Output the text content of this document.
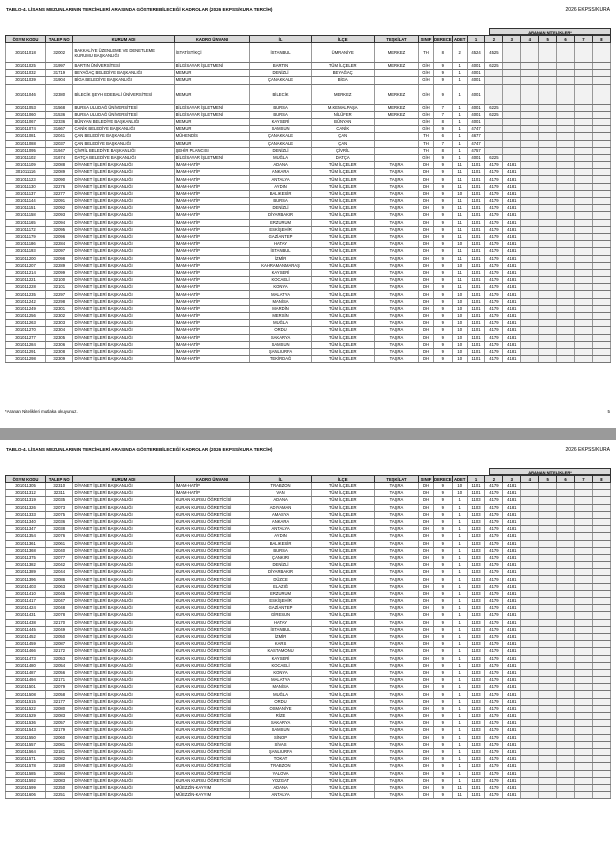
TABLO-4. LİSANS MEZUNLARININ TERCİHLERİ ARASINDA GÖSTEREBİLECEĞİ KADROLAR (2026 EKPSS/KURA TERCİH)	2026 EKPSS/KURA
ARANAN NİTELİKLER*
ÖSYM KODU	TALEP NO	KURUM ADI	KADRO ÜNVANI	İL	İLÇE	TEŞKİLAT	SINIF	DERECE	ADET	1	2	3	4	5	6	7	8
301011018	32002	BAKKALİYE ÜZENLEME VE DENETLEME KURUMU BAŞKANLIĞI	İSTATİSTİKÇİ	İSTANBUL	ÜMRANİYE	MERKEZ	TH	8	2	4524	4525						
301011025	31997	BARTIN ÜNİVERSİTESİ	BİLGİSAYAR İŞLETMENİ	BARTIN	TÜM İLÇELER	MERKEZ	GİH	9	1	4001	6225						
301011032	31719	BEYAĞAÇ BELEDİYE BAŞKANLIĞI	MEMUR	DENİZLİ	BEYAĞAÇ		GİH	9	1	4001							
301011039	31904	BİGA BELEDİYE BAŞKANLIĞI	MEMUR	ÇANAKKALE	BİGA		GİH	9	1	4001							
301011046	32380	BİLECİK ŞEYH EDEBALİ ÜNİVERSİTESİ	MEMUR	BİLECİK	MERKEZ	MERKEZ	GİH	9	1	4001							
301011053	31568	BURSA ULUDAĞ ÜNİVERSİTESİ	BİLGİSAYAR İŞLETMENİ	BURSA	M.KEMALPAŞA	MERKEZ	GİH	7	1	4001	6225						
301011060	31536	BURSA ULUDAĞ ÜNİVERSİTESİ	BİLGİSAYAR İŞLETMENİ	BURSA	NİLÜFER	MERKEZ	GİH	7	1	4001	6225						
301011067	32336	BÜNYAN BELEDİYE BAŞKANLIĞI	MEMUR	KAYSERİ	BÜNYAN		GİH	8	1	4001							
301011074	31667	CANİK BELEDİYE BAŞKANLIĞI	MEMUR	SAMSUN	CANİK		GİH	9	1	4747							
301011081	32041	ÇAN BELEDİYE BAŞKANLIĞI	MÜHENDİS	ÇANAKKALE	ÇAN		TH	6	1	4677							
301011088	32037	ÇAN BELEDİYE BAŞKANLIĞI	MEMUR	ÇANAKKALE	ÇAN		TH	7	1	4747							
301011095	31947	ÇİVRİL BELEDİYE BAŞKANLIĞI	ŞEHİR PLANCISI	DENİZLİ	ÇİVRİL		TH	8	1	4757							
301011102	31674	DATÇA BELEDİYE BAŞKANLIĞI	BİLGİSAYAR İŞLETMENİ	MUĞLA	DATÇA		GİH	9	1	4001	6225						
301011109	32088	DİYANET İŞLERİ BAŞKANLIĞI	İMAM-HATİP	ADANA	TÜM İLÇELER	TAŞRA	DH	9	11	1101	4179	4181					
301011116	32089	DİYANET İŞLERİ BAŞKANLIĞI	İMAM-HATİP	ANKARA	TÜM İLÇELER	TAŞRA	DH	9	11	1101	4179	4181					
301011123	32090	DİYANET İŞLERİ BAŞKANLIĞI	İMAM-HATİP	ANTALYA	TÜM İLÇELER	TAŞRA	DH	9	11	1101	4179	4181					
301011130	32276	DİYANET İŞLERİ BAŞKANLIĞI	İMAM-HATİP	AYDIN	TÜM İLÇELER	TAŞRA	DH	9	11	1101	4179	4181					
301011137	32277	DİYANET İŞLERİ BAŞKANLIĞI	İMAM-HATİP	BALIKESİR	TÜM İLÇELER	TAŞRA	DH	9	10	1101	4179	4181					
301011144	32091	DİYANET İŞLERİ BAŞKANLIĞI	İMAM-HATİP	BURSA	TÜM İLÇELER	TAŞRA	DH	9	11	1101	4179	4181					
301011151	32092	DİYANET İŞLERİ BAŞKANLIĞI	İMAM-HATİP	DENİZLİ	TÜM İLÇELER	TAŞRA	DH	9	11	1101	4179	4181					
301011158	32093	DİYANET İŞLERİ BAŞKANLIĞI	İMAM-HATİP	DİYARBAKIR	TÜM İLÇELER	TAŞRA	DH	9	11	1101	4179	4181					
301011165	32094	DİYANET İŞLERİ BAŞKANLIĞI	İMAM-HATİP	ERZURUM	TÜM İLÇELER	TAŞRA	DH	9	11	1101	4179	4181					
301011172	32095	DİYANET İŞLERİ BAŞKANLIĞI	İMAM-HATİP	ESKİŞEHİR	TÜM İLÇELER	TAŞRA	DH	9	11	1101	4179	4181					
301011179	32096	DİYANET İŞLERİ BAŞKANLIĞI	İMAM-HATİP	GAZİANTEP	TÜM İLÇELER	TAŞRA	DH	9	11	1101	4179	4181					
301011186	32284	DİYANET İŞLERİ BAŞKANLIĞI	İMAM-HATİP	HATAY	TÜM İLÇELER	TAŞRA	DH	9	10	1101	4179	4181					
301011193	32097	DİYANET İŞLERİ BAŞKANLIĞI	İMAM-HATİP	İSTANBUL	TÜM İLÇELER	TAŞRA	DH	9	11	1101	4179	4181					
301011200	32098	DİYANET İŞLERİ BAŞKANLIĞI	İMAM-HATİP	İZMİR	TÜM İLÇELER	TAŞRA	DH	9	11	1101	4179	4181					
301011207	32289	DİYANET İŞLERİ BAŞKANLIĞI	İMAM-HATİP	KAHRAMANMARAŞ	TÜM İLÇELER	TAŞRA	DH	9	10	1101	4179	4181					
301011214	32099	DİYANET İŞLERİ BAŞKANLIĞI	İMAM-HATİP	KAYSERİ	TÜM İLÇELER	TAŞRA	DH	9	11	1101	4179	4181					
301011221	32100	DİYANET İŞLERİ BAŞKANLIĞI	İMAM-HATİP	KOCAELİ	TÜM İLÇELER	TAŞRA	DH	9	11	1101	4179	4181					
301011228	32101	DİYANET İŞLERİ BAŞKANLIĞI	İMAM-HATİP	KONYA	TÜM İLÇELER	TAŞRA	DH	9	11	1101	4179	4181					
301011235	32297	DİYANET İŞLERİ BAŞKANLIĞI	İMAM-HATİP	MALATYA	TÜM İLÇELER	TAŞRA	DH	9	10	1101	4179	4181					
301011242	32298	DİYANET İŞLERİ BAŞKANLIĞI	İMAM-HATİP	MANİSA	TÜM İLÇELER	TAŞRA	DH	9	10	1101	4179	4181					
301011249	32301	DİYANET İŞLERİ BAŞKANLIĞI	İMAM-HATİP	MARDİN	TÜM İLÇELER	TAŞRA	DH	9	10	1101	4179	4181					
301011256	32302	DİYANET İŞLERİ BAŞKANLIĞI	İMAM-HATİP	MERSİN	TÜM İLÇELER	TAŞRA	DH	9	10	1101	4179	4181					
301011263	32303	DİYANET İŞLERİ BAŞKANLIĞI	İMAM-HATİP	MUĞLA	TÜM İLÇELER	TAŞRA	DH	9	10	1101	4179	4181					
301011270	32304	DİYANET İŞLERİ BAŞKANLIĞI	İMAM-HATİP	ORDU	TÜM İLÇELER	TAŞRA	DH	9	10	1101	4179	4181					
301011277	32305	DİYANET İŞLERİ BAŞKANLIĞI	İMAM-HATİP	SAKARYA	TÜM İLÇELER	TAŞRA	DH	9	10	1101	4179	4181					
301011284	32306	DİYANET İŞLERİ BAŞKANLIĞI	İMAM-HATİP	SAMSUN	TÜM İLÇELER	TAŞRA	DH	9	10	1101	4179	4181					
301011291	32308	DİYANET İŞLERİ BAŞKANLIĞI	İMAM-HATİP	ŞANLIURFA	TÜM İLÇELER	TAŞRA	DH	9	10	1101	4179	4181					
301011298	32309	DİYANET İŞLERİ BAŞKANLIĞI	İMAM-HATİP	TEKİRDAĞ	TÜM İLÇELER	TAŞRA	DH	9	10	1101	4179	4181					
*Aranan Nitelikleri mutlaka okuyunuz.	5
TABLO-4. LİSANS MEZUNLARININ TERCİHLERİ ARASINDA GÖSTEREBİLECEĞİ KADROLAR (2026 EKPSS/KURA TERCİH)	2026 EKPSS/KURA
ARANAN NİTELİKLER*
ÖSYM KODU	TALEP NO	KURUM ADI	KADRO ÜNVANI	İL	İLÇE	TEŞKİLAT	SINIF	DERECE	ADET	1	2	3	4	5	6	7	8
301011305	32310	DİYANET İŞLERİ BAŞKANLIĞI	İMAM-HATİP	TRABZON	TÜM İLÇELER	TAŞRA	DH	9	10	1101	4179	4181					
301011312	32311	DİYANET İŞLERİ BAŞKANLIĞI	İMAM-HATİP	VAN	TÜM İLÇELER	TAŞRA	DH	9	10	1101	4179	4181					
301011319	32035	DİYANET İŞLERİ BAŞKANLIĞI	KURAN KURSU ÖĞRETİCİSİ	ADANA	TÜM İLÇELER	TAŞRA	DH	9	1	1103	4179	4181					
301011326	32073	DİYANET İŞLERİ BAŞKANLIĞI	KURAN KURSU ÖĞRETİCİSİ	ADIYAMAN	TÜM İLÇELER	TAŞRA	DH	9	1	1103	4179	4181					
301011333	32075	DİYANET İŞLERİ BAŞKANLIĞI	KURAN KURSU ÖĞRETİCİSİ	AMASYA	TÜM İLÇELER	TAŞRA	DH	9	1	1103	4179	4181					
301011340	32036	DİYANET İŞLERİ BAŞKANLIĞI	KURAN KURSU ÖĞRETİCİSİ	ANKARA	TÜM İLÇELER	TAŞRA	DH	9	1	1103	4179	4181					
301011347	32038	DİYANET İŞLERİ BAŞKANLIĞI	KURAN KURSU ÖĞRETİCİSİ	ANTALYA	TÜM İLÇELER	TAŞRA	DH	9	1	1103	4179	4181					
301011354	32076	DİYANET İŞLERİ BAŞKANLIĞI	KURAN KURSU ÖĞRETİCİSİ	AYDIN	TÜM İLÇELER	TAŞRA	DH	9	1	1103	4179	4181					
301011361	32061	DİYANET İŞLERİ BAŞKANLIĞI	KURAN KURSU ÖĞRETİCİSİ	BALIKESİR	TÜM İLÇELER	TAŞRA	DH	9	1	1103	4179	4181					
301011368	32040	DİYANET İŞLERİ BAŞKANLIĞI	KURAN KURSU ÖĞRETİCİSİ	BURSA	TÜM İLÇELER	TAŞRA	DH	9	1	1103	4179	4181					
301011375	32077	DİYANET İŞLERİ BAŞKANLIĞI	KURAN KURSU ÖĞRETİCİSİ	ÇANKIRI	TÜM İLÇELER	TAŞRA	DH	9	1	1103	4179	4181					
301011382	32042	DİYANET İŞLERİ BAŞKANLIĞI	KURAN KURSU ÖĞRETİCİSİ	DENİZLİ	TÜM İLÇELER	TAŞRA	DH	9	1	1103	4179	4181					
301011389	32044	DİYANET İŞLERİ BAŞKANLIĞI	KURAN KURSU ÖĞRETİCİSİ	DİYARBAKIR	TÜM İLÇELER	TAŞRA	DH	9	1	1103	4179	4181					
301011396	32086	DİYANET İŞLERİ BAŞKANLIĞI	KURAN KURSU ÖĞRETİCİSİ	DÜZCE	TÜM İLÇELER	TAŞRA	DH	9	1	1103	4179	4181					
301011403	32063	DİYANET İŞLERİ BAŞKANLIĞI	KURAN KURSU ÖĞRETİCİSİ	ELAZIĞ	TÜM İLÇELER	TAŞRA	DH	9	1	1103	4179	4181					
301011410	32045	DİYANET İŞLERİ BAŞKANLIĞI	KURAN KURSU ÖĞRETİCİSİ	ERZURUM	TÜM İLÇELER	TAŞRA	DH	9	1	1103	4179	4181					
301011417	32047	DİYANET İŞLERİ BAŞKANLIĞI	KURAN KURSU ÖĞRETİCİSİ	ESKİŞEHİR	TÜM İLÇELER	TAŞRA	DH	9	1	1103	4179	4181					
301011424	32048	DİYANET İŞLERİ BAŞKANLIĞI	KURAN KURSU ÖĞRETİCİSİ	GAZİANTEP	TÜM İLÇELER	TAŞRA	DH	9	1	1103	4179	4181					
301011431	32078	DİYANET İŞLERİ BAŞKANLIĞI	KURAN KURSU ÖĞRETİCİSİ	GİRESUN	TÜM İLÇELER	TAŞRA	DH	9	1	1103	4179	4181					
301011438	32170	DİYANET İŞLERİ BAŞKANLIĞI	KURAN KURSU ÖĞRETİCİSİ	HATAY	TÜM İLÇELER	TAŞRA	DH	9	1	1103	4179	4181					
301011445	32049	DİYANET İŞLERİ BAŞKANLIĞI	KURAN KURSU ÖĞRETİCİSİ	İSTANBUL	TÜM İLÇELER	TAŞRA	DH	9	1	1103	4179	4181					
301011452	32050	DİYANET İŞLERİ BAŞKANLIĞI	KURAN KURSU ÖĞRETİCİSİ	İZMİR	TÜM İLÇELER	TAŞRA	DH	9	1	1103	4179	4181					
301011459	32087	DİYANET İŞLERİ BAŞKANLIĞI	KURAN KURSU ÖĞRETİCİSİ	KARS	TÜM İLÇELER	TAŞRA	DH	9	1	1103	4179	4181					
301011466	32172	DİYANET İŞLERİ BAŞKANLIĞI	KURAN KURSU ÖĞRETİCİSİ	KASTAMONU	TÜM İLÇELER	TAŞRA	DH	9	1	1103	4179	4181					
301011473	32053	DİYANET İŞLERİ BAŞKANLIĞI	KURAN KURSU ÖĞRETİCİSİ	KAYSERİ	TÜM İLÇELER	TAŞRA	DH	9	1	1103	4179	4181					
301011480	32054	DİYANET İŞLERİ BAŞKANLIĞI	KURAN KURSU ÖĞRETİCİSİ	KOCAELİ	TÜM İLÇELER	TAŞRA	DH	9	1	1103	4179	4181					
301011487	32056	DİYANET İŞLERİ BAŞKANLIĞI	KURAN KURSU ÖĞRETİCİSİ	KONYA	TÜM İLÇELER	TAŞRA	DH	9	1	1103	4179	4181					
301011494	32171	DİYANET İŞLERİ BAŞKANLIĞI	KURAN KURSU ÖĞRETİCİSİ	MALATYA	TÜM İLÇELER	TAŞRA	DH	9	1	1103	4179	4181					
301011501	32079	DİYANET İŞLERİ BAŞKANLIĞI	KURAN KURSU ÖĞRETİCİSİ	MANİSA	TÜM İLÇELER	TAŞRA	DH	9	1	1103	4179	4181					
301011508	32058	DİYANET İŞLERİ BAŞKANLIĞI	KURAN KURSU ÖĞRETİCİSİ	MUĞLA	TÜM İLÇELER	TAŞRA	DH	9	1	1103	4179	4181					
301011515	32177	DİYANET İŞLERİ BAŞKANLIĞI	KURAN KURSU ÖĞRETİCİSİ	ORDU	TÜM İLÇELER	TAŞRA	DH	9	1	1103	4179	4181					
301011522	32080	DİYANET İŞLERİ BAŞKANLIĞI	KURAN KURSU ÖĞRETİCİSİ	OSMANİYE	TÜM İLÇELER	TAŞRA	DH	9	1	1103	4179	4181					
301011529	32083	DİYANET İŞLERİ BAŞKANLIĞI	KURAN KURSU ÖĞRETİCİSİ	RİZE	TÜM İLÇELER	TAŞRA	DH	9	1	1103	4179	4181					
301011536	32057	DİYANET İŞLERİ BAŞKANLIĞI	KURAN KURSU ÖĞRETİCİSİ	SAKARYA	TÜM İLÇELER	TAŞRA	DH	9	1	1103	4179	4181					
301011543	32179	DİYANET İŞLERİ BAŞKANLIĞI	KURAN KURSU ÖĞRETİCİSİ	SAMSUN	TÜM İLÇELER	TAŞRA	DH	9	1	1103	4179	4181					
301011550	32060	DİYANET İŞLERİ BAŞKANLIĞI	KURAN KURSU ÖĞRETİCİSİ	SİNOP	TÜM İLÇELER	TAŞRA	DH	9	1	1103	4179	4181					
301011557	32081	DİYANET İŞLERİ BAŞKANLIĞI	KURAN KURSU ÖĞRETİCİSİ	SİVAS	TÜM İLÇELER	TAŞRA	DH	9	1	1103	4179	4181					
301011564	32181	DİYANET İŞLERİ BAŞKANLIĞI	KURAN KURSU ÖĞRETİCİSİ	ŞANLIURFA	TÜM İLÇELER	TAŞRA	DH	9	1	1103	4179	4181					
301011571	32082	DİYANET İŞLERİ BAŞKANLIĞI	KURAN KURSU ÖĞRETİCİSİ	TOKAT	TÜM İLÇELER	TAŞRA	DH	9	1	1103	4179	4181					
301011578	32180	DİYANET İŞLERİ BAŞKANLIĞI	KURAN KURSU ÖĞRETİCİSİ	TRABZON	TÜM İLÇELER	TAŞRA	DH	9	1	1103	4179	4181					
301011585	32084	DİYANET İŞLERİ BAŞKANLIĞI	KURAN KURSU ÖĞRETİCİSİ	YALOVA	TÜM İLÇELER	TAŞRA	DH	9	1	1103	4179	4181					
301011592	32083	DİYANET İŞLERİ BAŞKANLIĞI	KURAN KURSU ÖĞRETİCİSİ	YOZGAT	TÜM İLÇELER	TAŞRA	DH	9	1	1103	4179	4181					
301011599	32250	DİYANET İŞLERİ BAŞKANLIĞI	MÜEZZİN-KAYYIM	ADANA	TÜM İLÇELER	TAŞRA	DH	9	11	1101	4179	4181					
301011606	32251	DİYANET İŞLERİ BAŞKANLIĞI	MÜEZZİN-KAYYIM	ANTALYA	TÜM İLÇELER	TAŞRA	DH	9	11	1101	4179	4181					
